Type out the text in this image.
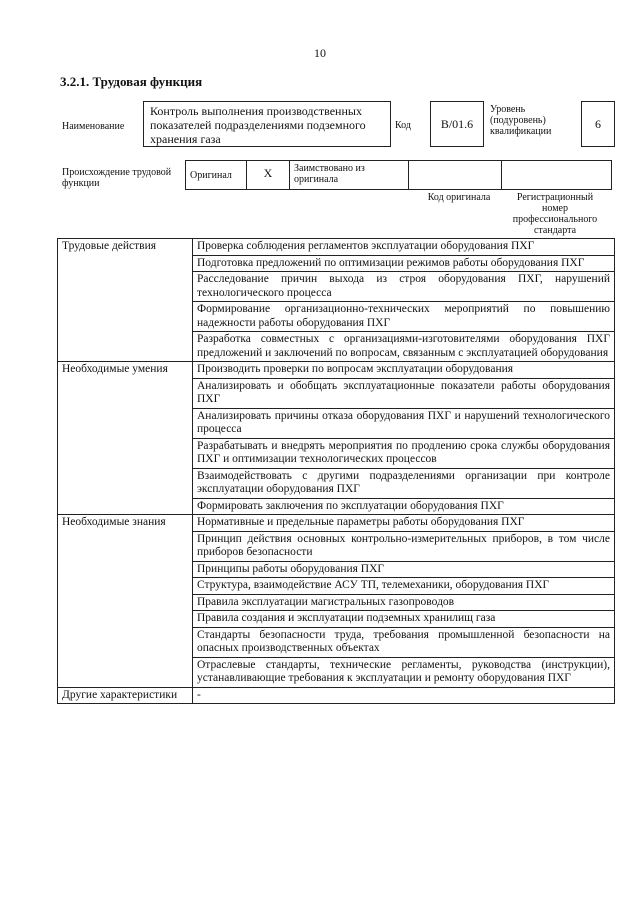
10
3.2.1. Трудовая функция
Наименование
Контроль выполнения производственных показателей подразделениями подземного хранения газа
Код	B/01.6
Уровень (подуровень) квалификации
6
Происхождение трудовой функции
Оригинал	X	Заимствовано из оригинала
Код оригинала	Регистрационный номер профессионального стандарта
Трудовые действия	Проверка соблюдения регламентов эксплуатации оборудования ПХГ
	Подготовка предложений по оптимизации режимов работы оборудования ПХГ
	Расследование причин выхода из строя оборудования ПХГ, нарушений технологического процесса
	Формирование организационно-технических мероприятий по повышению надежности работы оборудования ПХГ
	Разработка совместных с организациями-изготовителями оборудования ПХГ предложений и заключений по вопросам, связанным с эксплуатацией оборудования
Необходимые умения	Производить проверки по вопросам эксплуатации оборудования
	Анализировать и обобщать эксплуатационные показатели работы оборудования ПХГ
	Анализировать причины отказа оборудования ПХГ и нарушений технологического процесса
	Разрабатывать и внедрять мероприятия по продлению срока службы оборудования ПХГ и оптимизации технологических процессов
	Взаимодействовать с другими подразделениями организации при контроле эксплуатации оборудования ПХГ
	Формировать заключения по эксплуатации оборудования ПХГ
Необходимые знания	Нормативные и предельные параметры работы оборудования ПХГ
	Принцип действия основных контрольно-измерительных приборов, в том числе приборов безопасности
	Принципы работы оборудования ПХГ
	Структура, взаимодействие АСУ ТП, телемеханики, оборудования ПХГ
	Правила эксплуатации магистральных газопроводов
	Правила создания и эксплуатации подземных хранилищ газа
	Стандарты безопасности труда, требования промышленной безопасности на опасных производственных объектах
	Отраслевые стандарты, технические регламенты, руководства (инструкции), устанавливающие требования к эксплуатации и ремонту оборудования ПХГ
Другие характеристики	-
